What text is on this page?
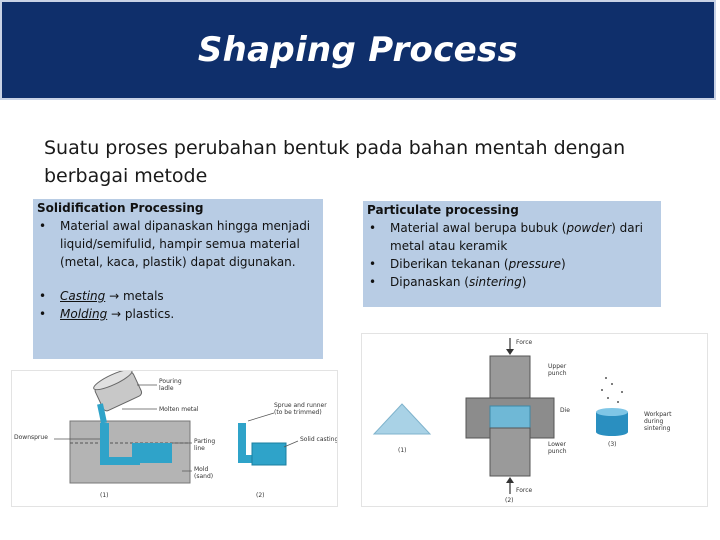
Shaping Process
Suatu proses perubahan bentuk pada bahan mentah dengan berbagai metode
Solidification Processing
• Material awal dipanaskan hingga menjadi liquid/semifulid, hampir semua material (metal, kaca, plastik) dapat digunakan.
• Casting → metals
• Molding → plastics.
Particulate processing
• Material awal berupa bubuk (powder) dari metal atau keramik
• Diberikan tekanan (pressure)
• Dipanaskan (sintering)
Pouring
ladle
Molten metal
Downsprue
Parting
line
Mold
(sand)
(1)
Sprue and runner
(to be trimmed)
Solid casting
(2)
(1)
Force
Upper
punch
Die
Lower
punch
Force
(2)
Workpart
during
sintering
(3)
